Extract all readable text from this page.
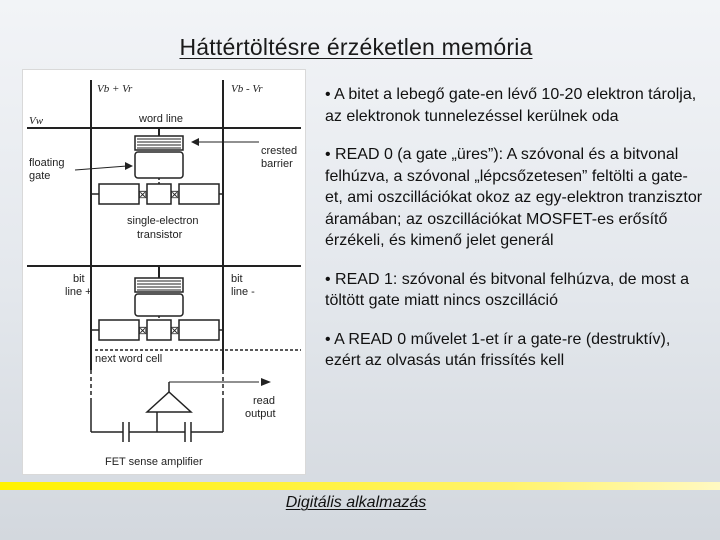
Háttértöltésre érzéketlen memória
Vb + Vr	Vb - Vr
Vw	word line
crested
barrier
floating
gate
⊠ ⊠
single-electron
transistor
bit
line +
bit
line -
⊠ ⊠
next word cell
read
output
FET sense amplifier
• A bitet a lebegő gate-en lévő 10-20 elektron tárolja, az elektronok tunnelezéssel kerülnek oda
• READ 0 (a gate „üres”): A szóvonal és a bitvonal felhúzva, a szóvonal „lépcsőzetesen” feltölti a gate-et, ami oszcillációkat okoz az egy-elektron tranzisztor áramában; az oszcillációkat MOSFET-es erősítő érzékeli, és kimenő jelet generál
• READ 1: szóvonal és bitvonal felhúzva, de most a töltött gate miatt nincs oszcilláció
• A READ 0 művelet 1-et ír a gate-re (destruktív), ezért az olvasás után frissítés kell
Digitális alkalmazás
